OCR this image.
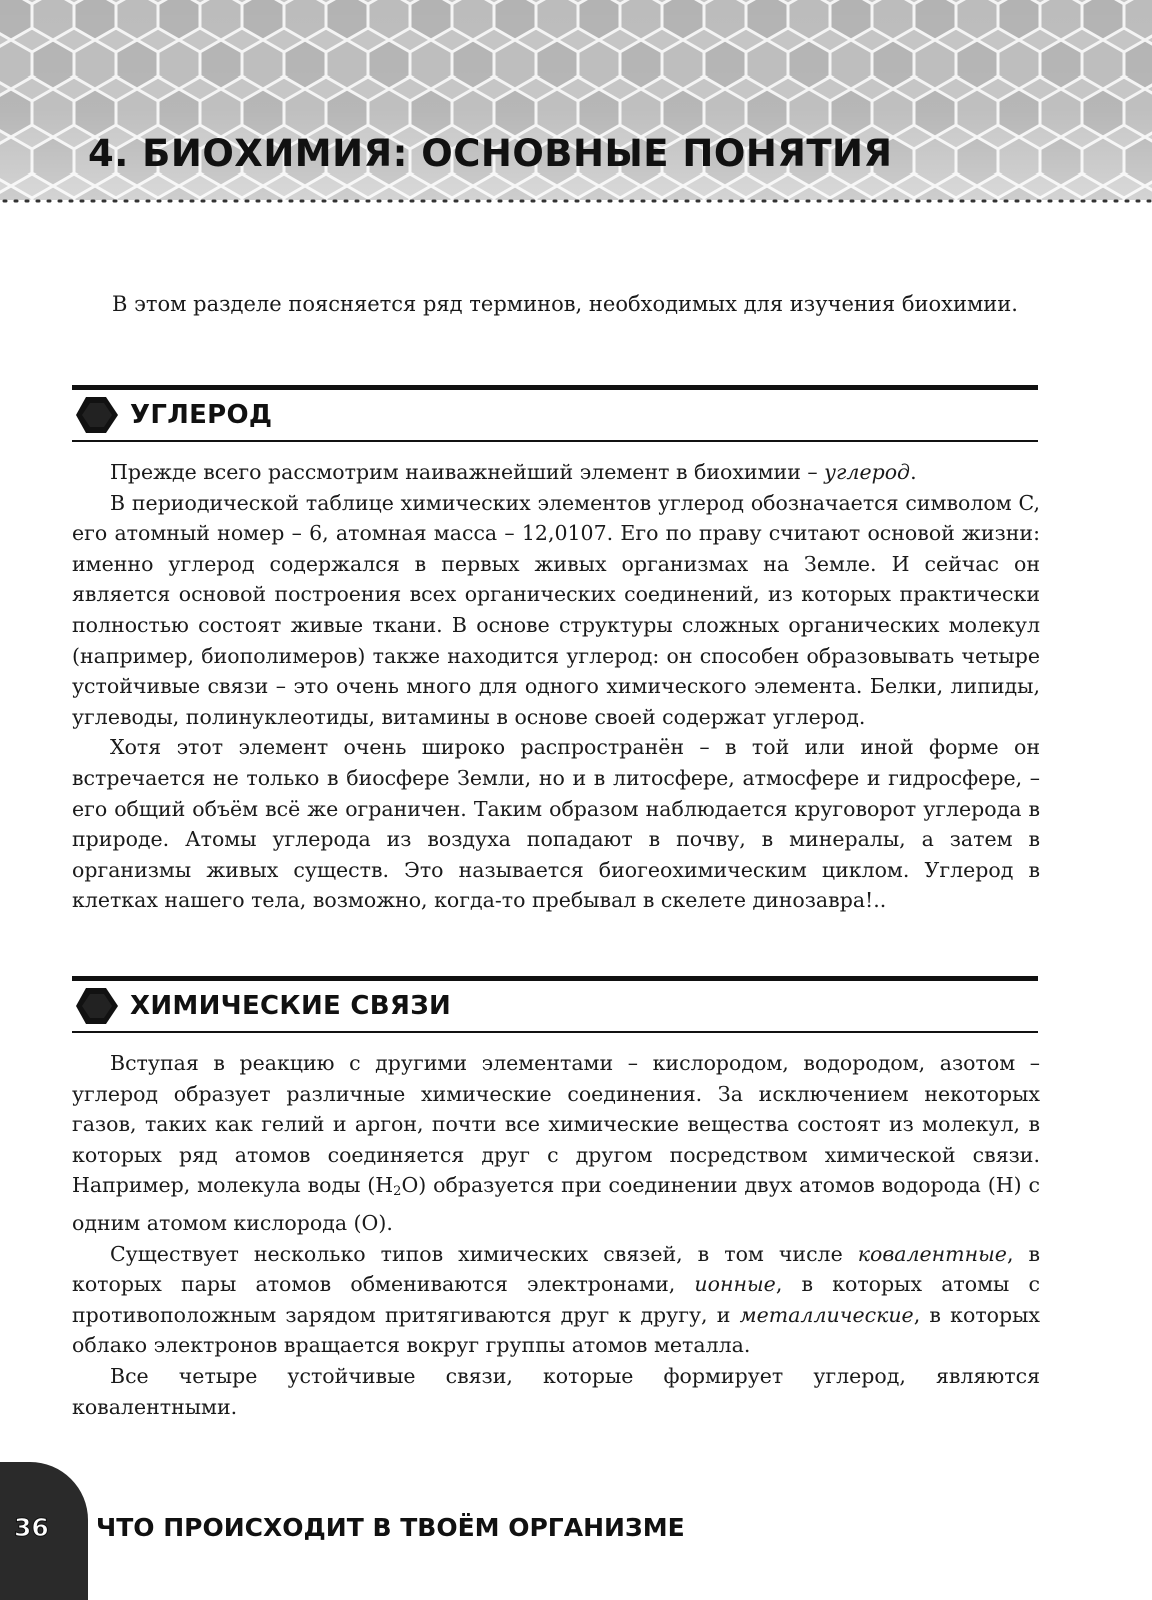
4. БИОХИМИЯ: ОСНОВНЫЕ ПОНЯТИЯ
В этом разделе поясняется ряд терминов, необходимых для изучения биохимии.
УГЛЕРОД

Прежде всего рассмотрим наиважнейший элемент в биохимии – углерод.

В периодической таблице химических элементов углерод обозначается символом C, его атомный номер – 6, атомная масса – 12,0107. Его по праву считают основой жизни: именно углерод содержался в первых живых организмах на Земле. И сейчас он является основой построения всех органических соединений, из которых практически полностью состоят живые ткани. В основе структуры сложных органических молекул (например, биополимеров) также находится углерод: он способен образовывать четыре устойчивые связи – это очень много для одного химического элемента. Белки, липиды, углеводы, полинуклеотиды, витамины в основе своей содержат углерод.

Хотя этот элемент очень широко распространён – в той или иной форме он встречается не только в биосфере Земли, но и в литосфере, атмосфере и гидросфере, – его общий объём всё же ограничен. Таким образом наблюдается круговорот углерода в природе. Атомы углерода из воздуха попадают в почву, в минералы, а затем в организмы живых существ. Это называется биогеохимическим циклом. Углерод в клетках нашего тела, возможно, когда-то пребывал в скелете динозавра!..

ХИМИЧЕСКИЕ СВЯЗИ

Вступая в реакцию с другими элементами – кислородом, водородом, азотом – углерод образует различные химические соединения. За исключением некоторых газов, таких как гелий и аргон, почти все химические вещества состоят из молекул, в которых ряд атомов соединяется друг с другом посредством химической связи. Например, молекула воды $(H_2O)$ образуется при соединении двух атомов водорода (H) с одним атомом кислорода (O).

Существует несколько типов химических связей, в том числе ковалентные, в которых пары атомов обмениваются электронами, ионные, в которых атомы с противоположным зарядом притягиваются друг к другу, и металлические, в которых облако электронов вращается вокруг группы атомов металла.

Все четыре устойчивые связи, которые формирует углерод, являются ковалентными.

36 ЧТО ПРОИСХОДИТ В ТВОЁМ ОРГАНИЗМЕ
